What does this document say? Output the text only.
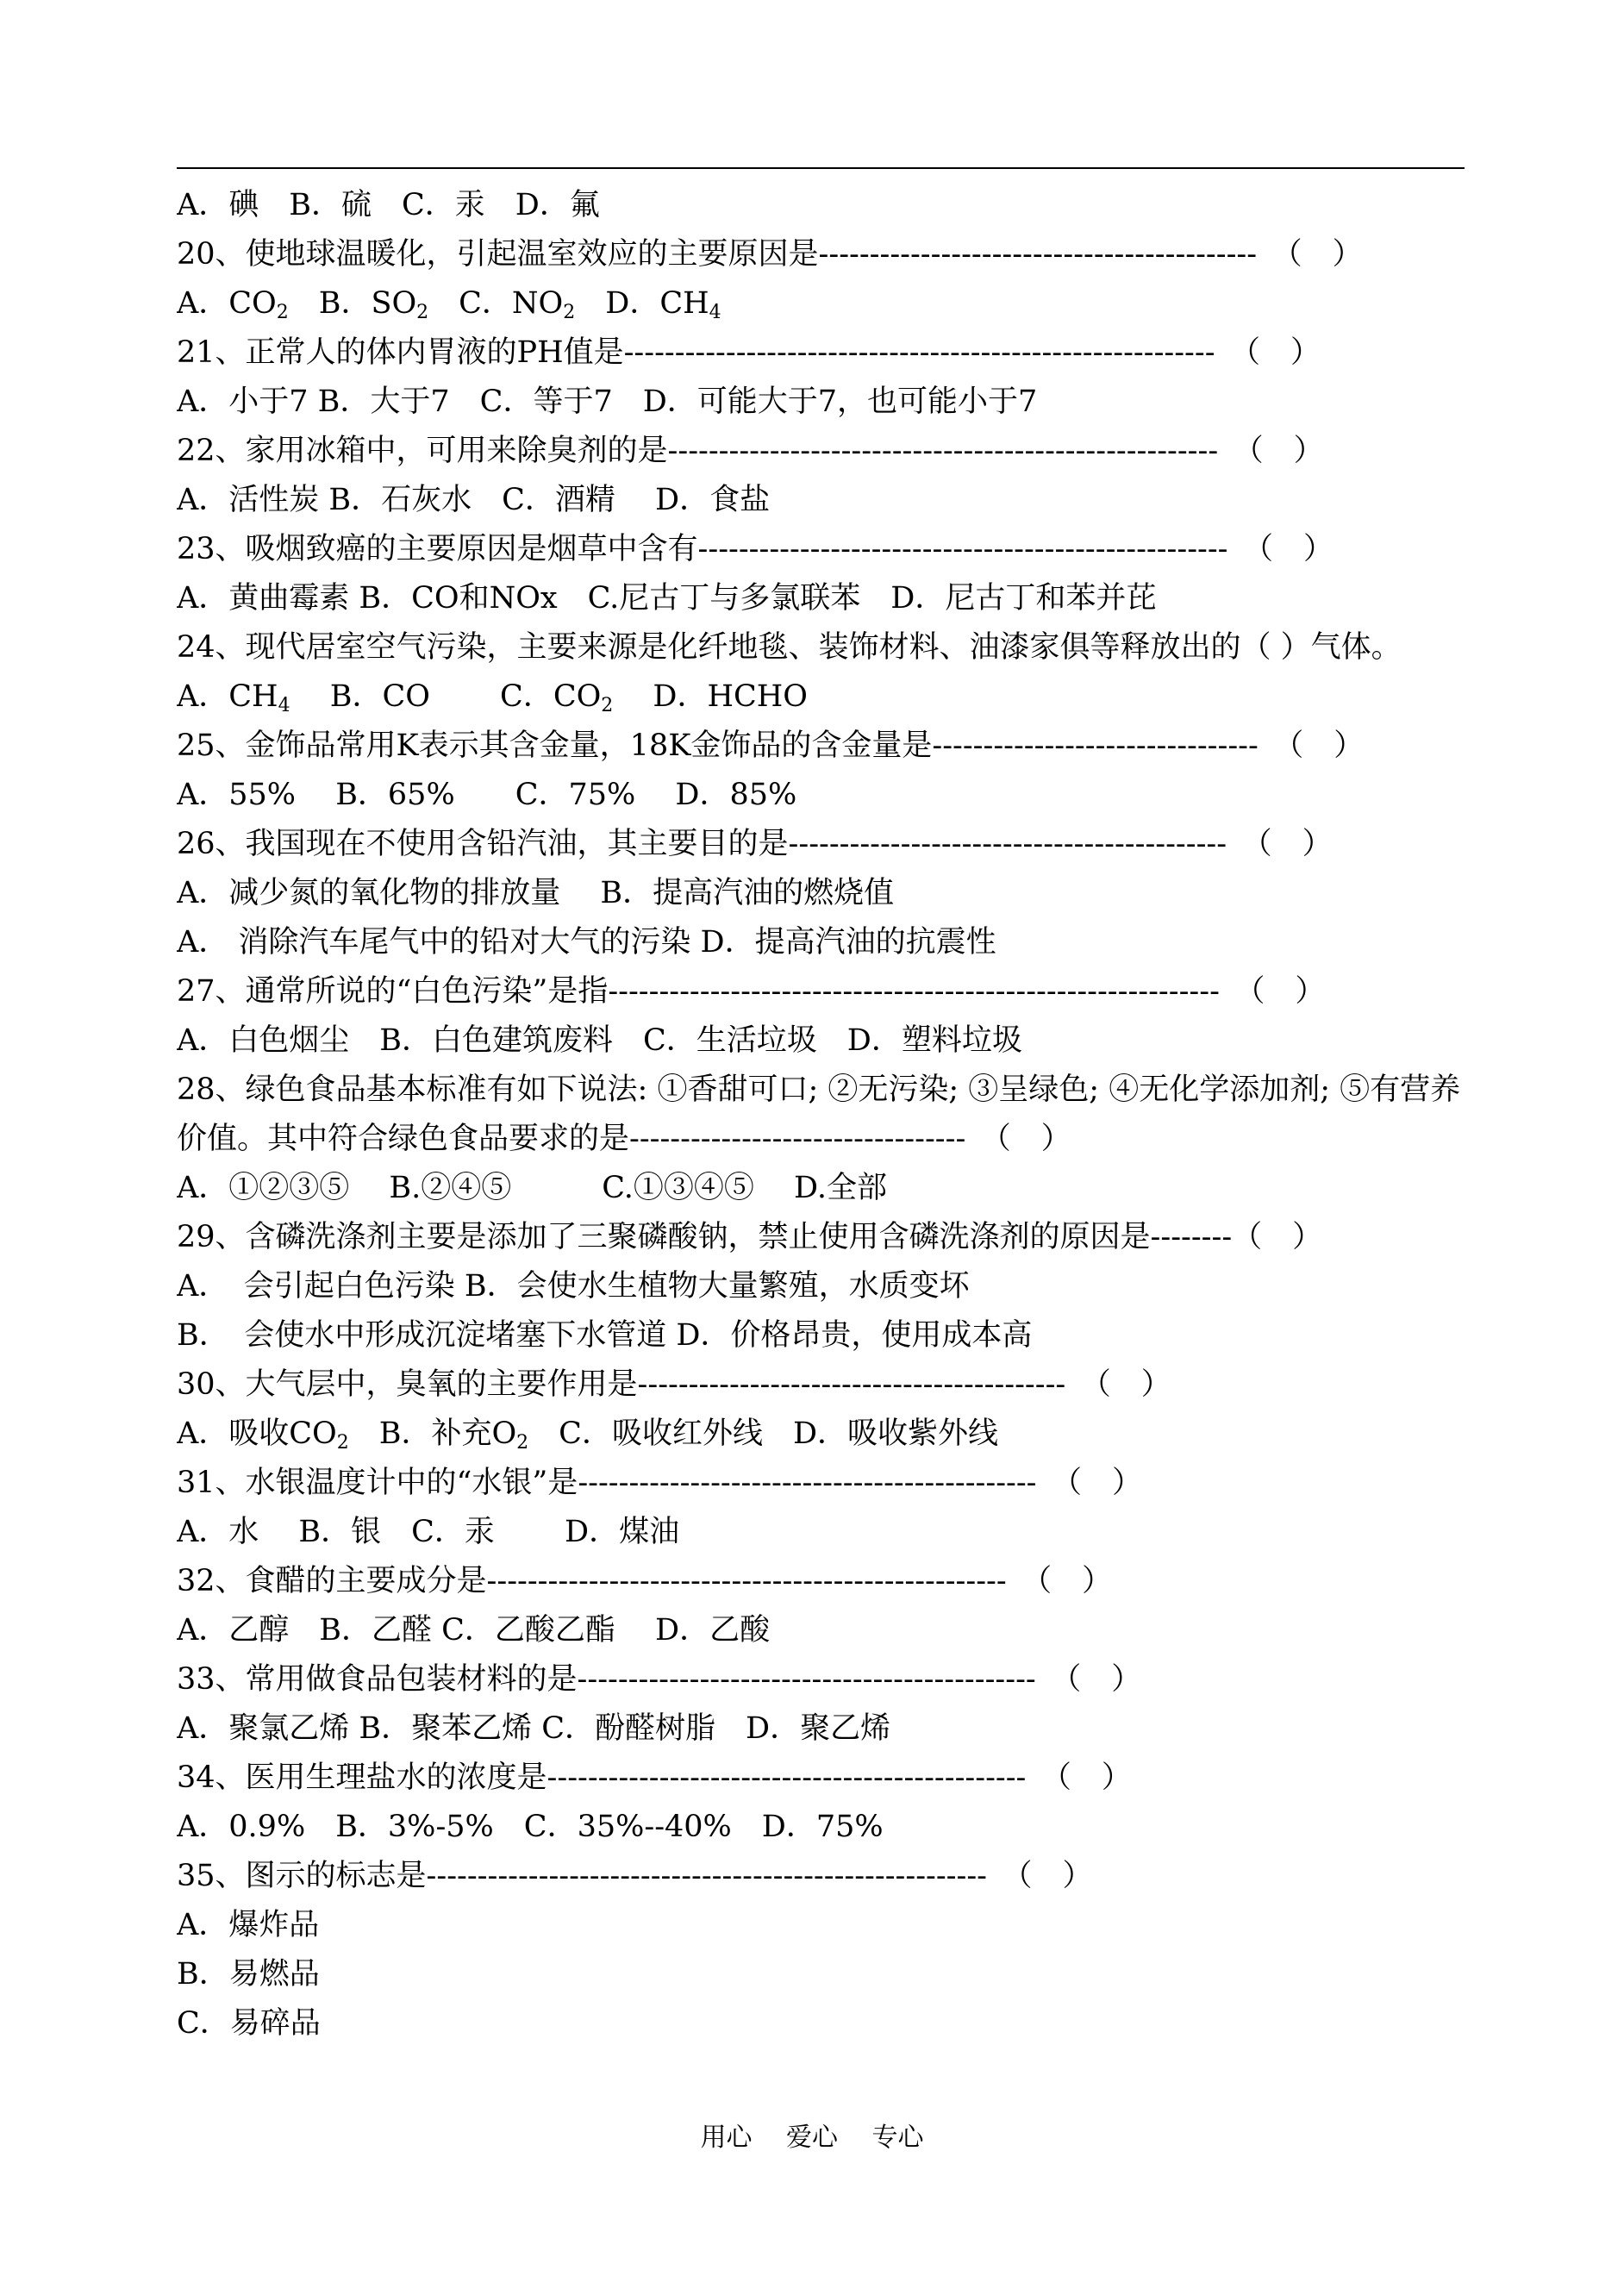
A．碘　B．硫　C．汞　D．氟
20、使地球温暖化，引起温室效应的主要原因是-------------------------------------------　（　）
A．$CO_2$　B．$SO_2$　C．$NO_2$　D．$CH_4$
21、正常人的体内胃液的PH值是----------------------------------------------------------　（　）
A．小于7 B．大于7　C．等于7　D．可能大于7，也可能小于7
22、家用冰箱中，可用来除臭剂的是------------------------------------------------------　（　）
A．活性炭 B．石灰水　C．酒精　 D．食盐
23、吸烟致癌的主要原因是烟草中含有----------------------------------------------------　（　）
A．黄曲霉素 B．CO和NOx　C.尼古丁与多氯联苯　D．尼古丁和苯并芘
24、现代居室空气污染，主要来源是化纤地毯、装饰材料、油漆家俱等释放出的（ ）气体。
A．$CH_4$　 B．CO　　 C．$CO_2$　 D．HCHO
25、金饰品常用K表示其含金量，18K金饰品的含金量是--------------------------------　（　）
A．55%　 B．65%　　C．75%　 D．85%
26、我国现在不使用含铅汽油，其主要目的是-------------------------------------------　（　）
A．减少氮的氧化物的排放量　 B．提高汽油的燃烧值
A． 消除汽车尾气中的铅对大气的污染 D．提高汽油的抗震性
27、通常所说的“白色污染”是指------------------------------------------------------------　（　）
A．白色烟尘　B．白色建筑废料　C．生活垃圾　D．塑料垃圾
28、绿色食品基本标准有如下说法: ①香甜可口; ②无污染; ③呈绿色; ④无化学添加剂; ⑤有营养价值。其中符合绿色食品要求的是---------------------------------　（　）
A．①②③⑤　 B.②④⑤　　　C.①③④⑤　 D.全部
29、含磷洗涤剂主要是添加了三聚磷酸钠，禁止使用含磷洗涤剂的原因是--------（　）
A．　会引起白色污染 B．会使水生植物大量繁殖，水质变坏
B．　会使水中形成沉淀堵塞下水管道 D．价格昂贵，使用成本高
30、大气层中，臭氧的主要作用是------------------------------------------　（　）
A．吸收$CO_2$　B．补充$O_2$　C．吸收红外线　D．吸收紫外线
31、水银温度计中的“水银”是---------------------------------------------　（　）
A．水　 B．银　C．汞　　 D．煤油
32、食醋的主要成分是---------------------------------------------------　（　）
A．乙醇　B．乙醛 C．乙酸乙酯　 D．乙酸
33、常用做食品包装材料的是---------------------------------------------　（　）
A．聚氯乙烯 B．聚苯乙烯 C．酚醛树脂　D．聚乙烯
34、医用生理盐水的浓度是-----------------------------------------------　（　）
A．0.9%　B．3%-5%　C．35%--40%　D．75%
35、图示的标志是-------------------------------------------------------　（　）
A．爆炸品
B．易燃品
C．易碎品
用心　 爱心　 专心
